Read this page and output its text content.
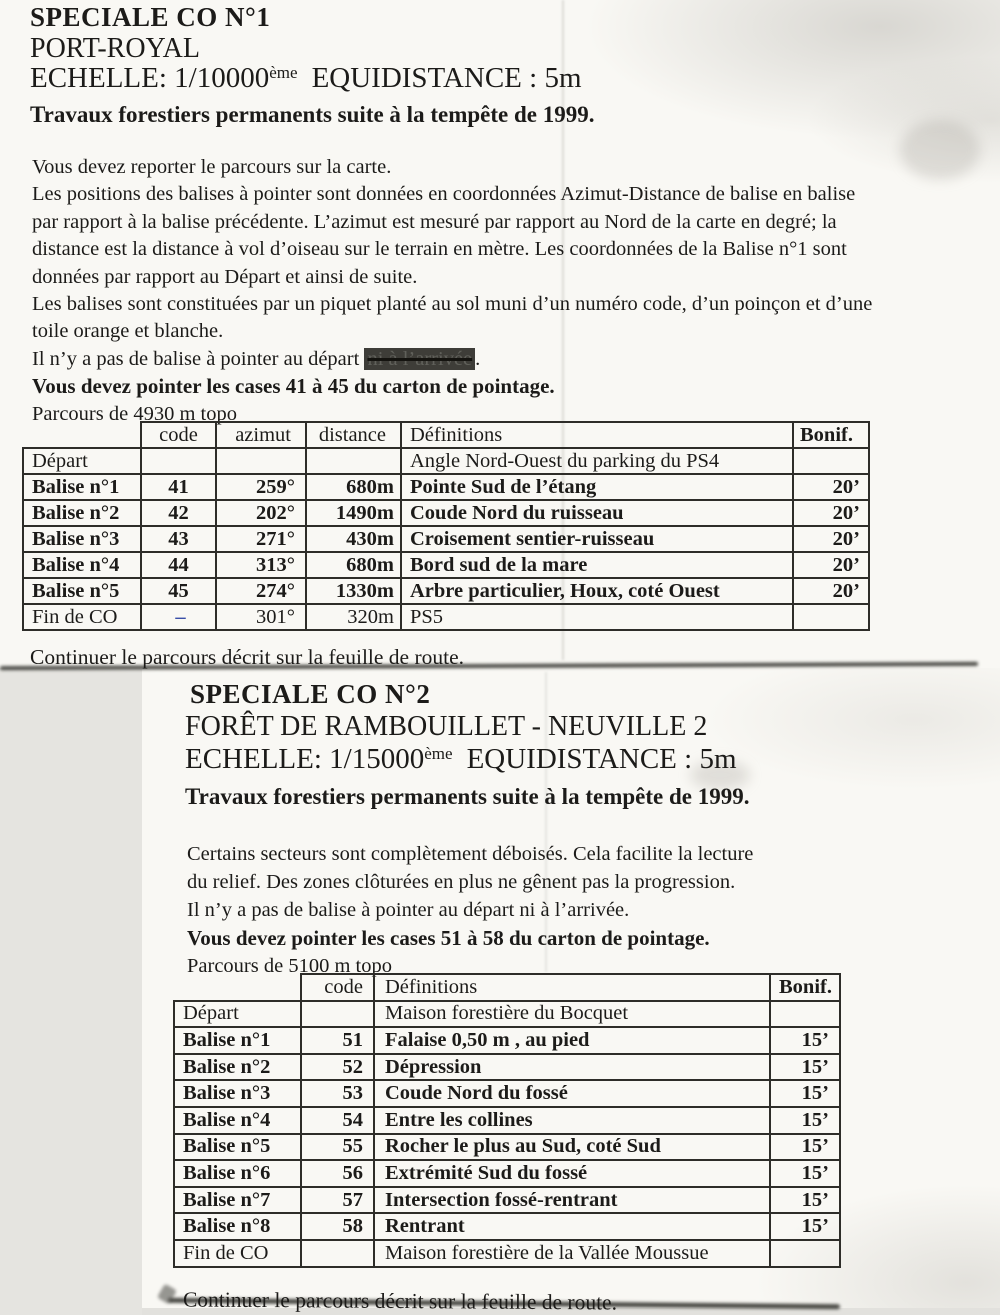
SPECIALE CO N°1
PORT-ROYAL
ECHELLE: 1/10000ème EQUIDISTANCE : 5m
Travaux forestiers permanents suite à la tempête de 1999.
Vous devez reporter le parcours sur la carte.
Les positions des balises à pointer sont données en coordonnées Azimut-Distance de balise en balise
par rapport à la balise précédente. L’azimut est mesuré par rapport au Nord de la carte en degré; la
distance est la distance à vol d’oiseau sur le terrain en mètre. Les coordonnées de la Balise n°1 sont
données par rapport au Départ et ainsi de suite.
Les balises sont constituées par un piquet planté au sol muni d’un numéro code, d’un poinçon et d’une
toile orange et blanche.
Il n’y a pas de balise à pointer au départ ni à l’arrivée .
Vous devez pointer les cases 41 à 45 du carton de pointage.
Parcours de 4930 m topo
	code	azimut	distance	Définitions	Bonif.
Départ				Angle Nord-Ouest du parking du PS4	
Balise n°1	41	259°	680m	Pointe Sud de l’étang	20’
Balise n°2	42	202°	1490m	Coude Nord du ruisseau	20’
Balise n°3	43	271°	430m	Croisement sentier-ruisseau	20’
Balise n°4	44	313°	680m	Bord sud de la mare	20’
Balise n°5	45	274°	1330m	Arbre particulier, Houx, coté Ouest	20’
Fin de CO	–	301°	320m	PS5	
Continuer le parcours décrit sur la feuille de route.
SPECIALE CO N°2
FORÊT DE RAMBOUILLET - NEUVILLE 2
ECHELLE: 1/15000ème EQUIDISTANCE : 5m
Travaux forestiers permanents suite à la tempête de 1999.
Certains secteurs sont complètement déboisés. Cela facilite la lecture
du relief. Des zones clôturées en plus ne gênent pas la progression.
Il n’y a pas de balise à pointer au départ ni à l’arrivée.
Vous devez pointer les cases 51 à 58 du carton de pointage.
Parcours de 5100 m topo
	code	Définitions	Bonif.
Départ		Maison forestière du Bocquet	
Balise n°1	51	Falaise 0,50 m , au pied	15’
Balise n°2	52	Dépression	15’
Balise n°3	53	Coude Nord du fossé	15’
Balise n°4	54	Entre les collines	15’
Balise n°5	55	Rocher le plus au Sud, coté Sud	15’
Balise n°6	56	Extrémité Sud du fossé	15’
Balise n°7	57	Intersection fossé-rentrant	15’
Balise n°8	58	Rentrant	15’
Fin de CO		Maison forestière de la Vallée Moussue	
Continuer le parcours décrit sur la feuille de route.
